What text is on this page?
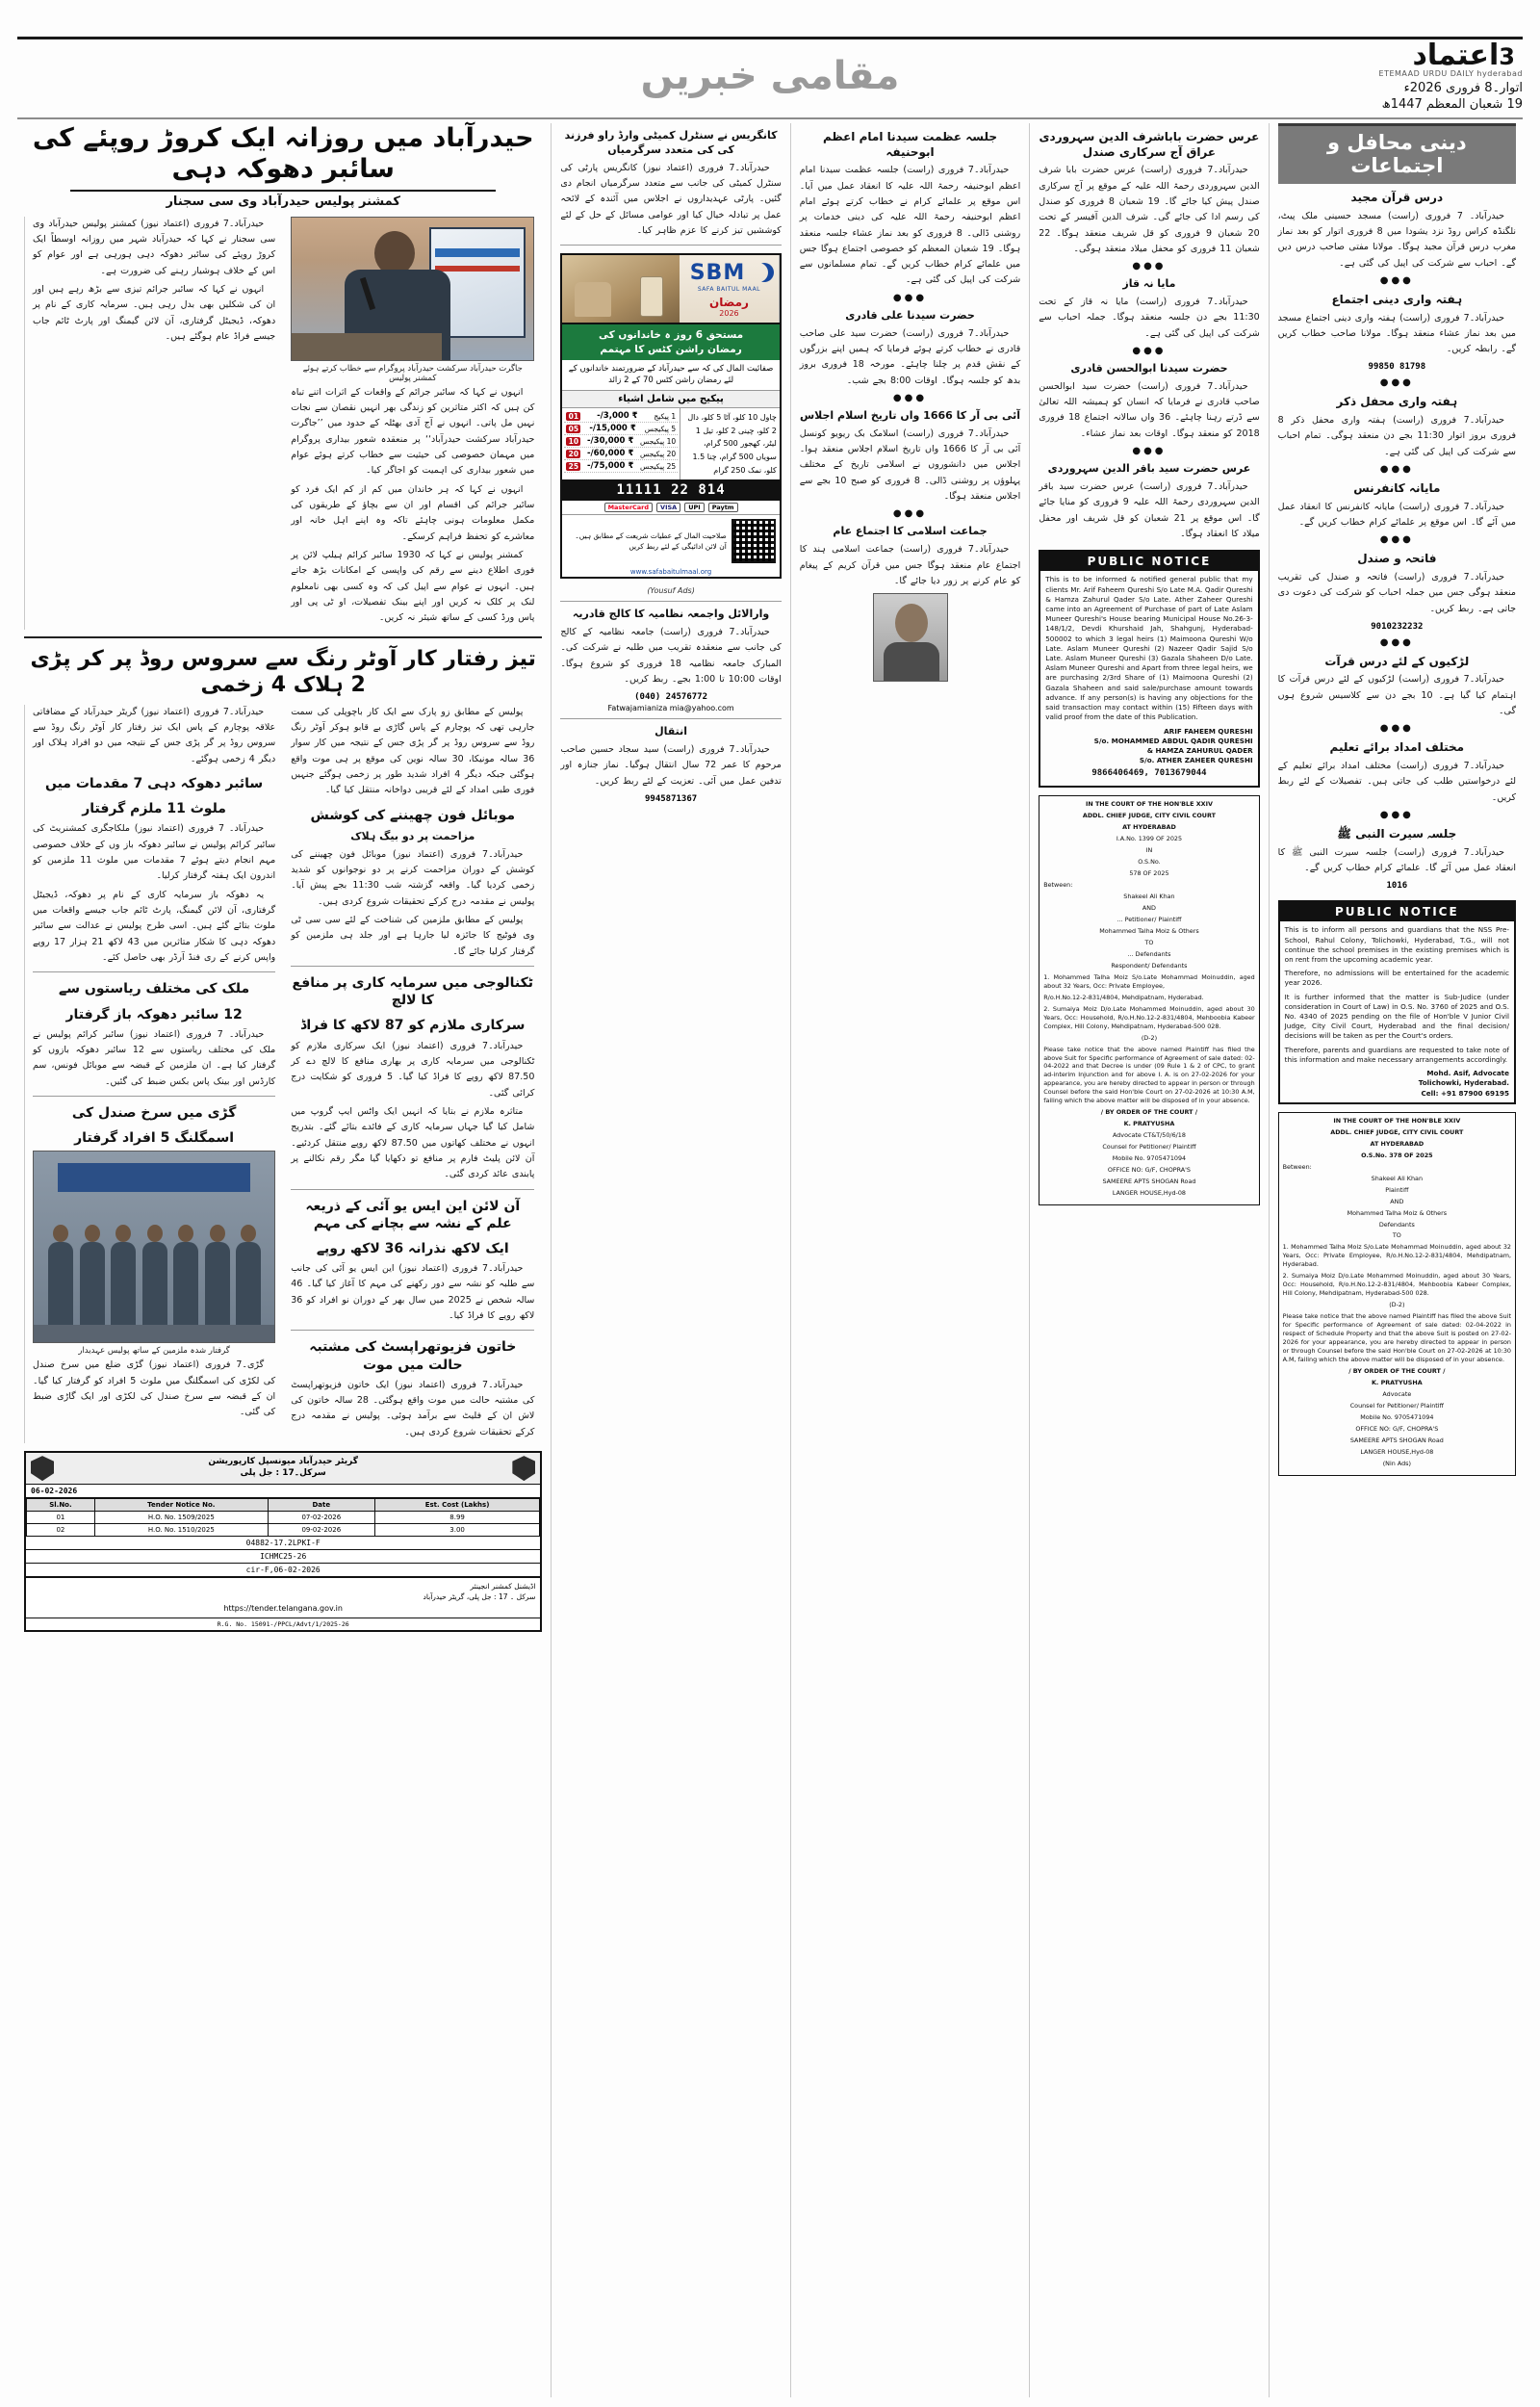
3اعتماد
ETEMAAD URDU DAILY hyderabad
اتوار۔8 فروری 2026ء
19 شعبان المعظم 1447ھ
مقامی خبریں
دینی محافل و اجتماعات
درس قرآن مجید

حیدرآباد۔ 7 فروری (راست) مسجد حسینی ملک پیٹ، نلگنڈہ کراس روڈ نزد یشودا میں 8 فروری اتوار کو بعد نماز مغرب درس قرآن مجید ہوگا۔ مولانا مفتی صاحب درس دیں گے۔ احباب سے شرکت کی اپیل کی گئی ہے۔

●●●
ہفتہ واری دینی اجتماع

حیدرآباد۔7 فروری (راست) ہفتہ واری دینی اجتماع مسجد میں بعد نماز عشاء منعقد ہوگا۔ مولانا صاحب خطاب کریں گے۔ رابطہ کریں۔

99850 81798
●●●
ہفتہ واری محفل ذکر

حیدرآباد۔7 فروری (راست) ہفتہ واری محفل ذکر 8 فروری بروز اتوار 11:30 بجے دن منعقد ہوگی۔ تمام احباب سے شرکت کی اپیل کی گئی ہے۔

●●●
مایانہ کانفرنس

حیدرآباد۔7 فروری (راست) مایانہ کانفرنس کا انعقاد عمل میں آئے گا۔ اس موقع پر علمائے کرام خطاب کریں گے۔

●●●
فاتحہ و صندل

حیدرآباد۔7 فروری (راست) فاتحہ و صندل کی تقریب منعقد ہوگی جس میں جملہ احباب کو شرکت کی دعوت دی جاتی ہے۔ ربط کریں۔

9010232232
●●●
لڑکیوں کے لئے درس قرآت

حیدرآباد۔7 فروری (راست) لڑکیوں کے لئے درس قرآت کا اہتمام کیا گیا ہے۔ 10 بجے دن سے کلاسیس شروع ہوں گی۔

●●●
مختلف امداد برائے تعلیم

حیدرآباد۔7 فروری (راست) مختلف امداد برائے تعلیم کے لئے درخواستیں طلب کی جاتی ہیں۔ تفصیلات کے لئے ربط کریں۔

●●●
جلسہ سیرت النبی ﷺ

حیدرآباد۔7 فروری (راست) جلسہ سیرت النبی ﷺ کا انعقاد عمل میں آئے گا۔ علمائے کرام خطاب کریں گے۔

1016
PUBLIC NOTICE

This is to inform all persons and guardians that the NSS Pre-School, Rahul Colony, Tolichowki, Hyderabad, T.G., will not continue the school premises in the existing premises which is on rent from the upcoming academic year.

Therefore, no admissions will be entertained for the academic year 2026.

It is further informed that the matter is Sub-Judice (under consideration in Court of Law) in O.S. No. 3760 of 2025 and O.S. No. 4340 of 2025 pending on the file of Hon'ble V Junior Civil Judge, City Civil Court, Hyderabad and the final decision/ decisions will be taken as per the Court's orders.

Therefore, parents and guardians are requested to take note of this information and make necessary arrangements accordingly.

Mohd. Asif, Advocate
Tolichowki, Hyderabad.
Cell: +91 87900 69195

IN THE COURT OF THE HON'BLE XXIV

ADDL. CHIEF JUDGE, CITY CIVIL COURT

AT HYDERABAD

O.S.No. 378 OF 2025

Between:

Shakeel Ali Khan

Plaintiff

AND

Mohammed Talha Moiz & Others

Defendants

TO

1. Mohammed Talha Moiz S/o.Late Mohammad Moinuddin, aged about 32 Years, Occ: Private Employee, R/o.H.No.12-2-831/4804, Mehdipatnam, Hyderabad.

2. Sumaiya Moiz D/o.Late Mohammed Moinuddin, aged about 30 Years, Occ: Household, R/o.H.No.12-2-831/4804, Mehboobia Kabeer Complex, Hill Colony, Mehdipatnam, Hyderabad-500 028.

(D-2)

Please take notice that the above named Plaintiff has filed the above Suit for Specific performance of Agreement of sale dated: 02-04-2022 in respect of Schedule Property and that the above Suit is posted on 27-02-2026 for your appearance, you are hereby directed to appear in person or through Counsel before the said Hon'ble Court on 27-02-2026 at 10:30 A.M, failing which the above matter will be disposed of in your absence.

/ BY ORDER OF THE COURT /

K. PRATYUSHA

Advocate

Counsel for Petitioner/ Plaintiff

Mobile No. 9705471094

OFFICE NO: G/F, CHOPRA'S

SAMEERE APTS SHOGAN Road

LANGER HOUSE,Hyd-08

(Nin Ads)

عرس حضرت باباشرف الدین سہروردی عراق آج سرکاری صندل

حیدرآباد۔7 فروری (راست) عرس حضرت بابا شرف الدین سہروردی رحمۃ اللہ علیہ کے موقع پر آج سرکاری صندل پیش کیا جائے گا۔ 19 شعبان 8 فروری کو صندل کی رسم ادا کی جائے گی۔ شرف الدین آفیسر کے تحت 20 شعبان 9 فروری کو قل شریف منعقد ہوگا۔ 22 شعبان 11 فروری کو محفل میلاد منعقد ہوگی۔

●●●
مایا نہ قاز

حیدرآباد۔7 فروری (راست) مایا نہ قاز کے تحت 11:30 بجے دن جلسہ منعقد ہوگا۔ جملہ احباب سے شرکت کی اپیل کی گئی ہے۔

●●●
حضرت سیدنا ابوالحسن قادری

حیدرآباد۔7 فروری (راست) حضرت سید ابوالحسن صاحب قادری نے فرمایا کہ انسان کو ہمیشہ اللہ تعالیٰ سے ڈرتے رہنا چاہئے۔ 36 واں سالانہ اجتماع 18 فروری 2018 کو منعقد ہوگا۔ اوقات بعد نماز عشاء۔

●●●
عرس حضرت سید باقر الدین سہروردی

حیدرآباد۔7 فروری (راست) عرس حضرت سید باقر الدین سہروردی رحمۃ اللہ علیہ 9 فروری کو منایا جائے گا۔ اس موقع پر 21 شعبان کو قل شریف اور محفل میلاد کا انعقاد ہوگا۔

PUBLIC NOTICE

This is to be informed & notified general public that my clients Mr. Arif Faheem Qureshi S/o Late M.A. Qadir Qureshi & Hamza Zahurul Qader S/o Late. Ather Zaheer Qureshi came into an Agreement of Purchase of part of Late Aslam Muneer Qureshi's House bearing Municipal House No.26-3-148/1/2, Devdi Khurshaid Jah, Shahgunj, Hyderabad-500002 to which 3 legal heirs (1) Maimoona Qureshi W/o Late. Aslam Muneer Qureshi (2) Nazeer Qadir Sajid S/o Late. Aslam Muneer Qureshi (3) Gazala Shaheen D/o Late. Aslam Muneer Qureshi and Apart from three legal heirs, we are purchasing 2/3rd Share of (1) Maimoona Qureshi (2) Gazala Shaheen and said sale/purchase amount towards advance. If any person(s) is having any objections for the said transaction may contact within (15) Fifteen days with valid proof from the date of this Publication.

ARIF FAHEEM QURESHI
S/o. MOHAMMED ABDUL QADIR QURESHI
& HAMZA ZAHURUL QADER
S/o. ATHER ZAHEER QURESHI
9866406469, 7013679044

IN THE COURT OF THE HON'BLE XXIV

ADDL. CHIEF JUDGE, CITY CIVIL COURT

AT HYDERABAD

I.A.No. 1399 OF 2025

IN

O.S.No.

578 OF 2025

Between:

Shakeel Ali Khan

AND

... Petitioner/ Plaintiff

Mohammed Talha Moiz & Others

TO

... Defendants

Respondent/ Defendants

1. Mohammed Talha Moiz S/o.Late Mohammad Moinuddin, aged about 32 Years, Occ: Private Employee,

R/o.H.No.12-2-831/4804, Mehdipatnam, Hyderabad.

2. Sumaiya Moiz D/o.Late Mohammed Moinuddin, aged about 30 Years, Occ: Household, R/o.H.No.12-2-831/4804, Mehboobia Kabeer Complex, Hill Colony, Mehdipatnam, Hyderabad-500 028.

(D-2)

Please take notice that the above named Plaintiff has filed the above Suit for Specific performance of Agreement of sale dated: 02-04-2022 and that Decree is under (09 Rule 1 & 2 of CPC, to grant ad-interim Injunction and for above I. A. is on 27-02-2026 for your appearance, you are hereby directed to appear in person or through Counsel before the said Hon'ble Court on 27-02-2026 at 10:30 A.M, failing which the above matter will be disposed of in your absence.

/ BY ORDER OF THE COURT /

K. PRATYUSHA

Advocate CT&T/50/6/18

Counsel for Petitioner/ Plaintiff

Mobile No. 9705471094

OFFICE NO: G/F, CHOPRA'S

SAMEERE APTS SHOGAN Road

LANGER HOUSE,Hyd-08

جلسہ عظمت سیدنا امام اعظم ابوحنیفہ

حیدرآباد۔7 فروری (راست) جلسہ عظمت سیدنا امام اعظم ابوحنیفہ رحمۃ اللہ علیہ کا انعقاد عمل میں آیا۔ اس موقع پر علمائے کرام نے خطاب کرتے ہوئے امام اعظم ابوحنیفہ رحمۃ اللہ علیہ کی دینی خدمات پر روشنی ڈالی۔ 8 فروری کو بعد نماز عشاء جلسہ منعقد ہوگا۔ 19 شعبان المعظم کو خصوصی اجتماع ہوگا جس میں علمائے کرام خطاب کریں گے۔ تمام مسلمانوں سے شرکت کی اپیل کی گئی ہے۔

●●●
حضرت سیدنا علی قادری

حیدرآباد۔7 فروری (راست) حضرت سید علی صاحب قادری نے خطاب کرتے ہوئے فرمایا کہ ہمیں اپنے بزرگوں کے نقش قدم پر چلنا چاہئے۔ مورخہ 18 فروری بروز بدھ کو جلسہ ہوگا۔ اوقات 8:00 بجے شب۔

●●●
آئی بی آر کا 1666 واں تاریخ اسلام اجلاس

حیدرآباد۔7 فروری (راست) اسلامک بک ریویو کونسل آئی بی آر کا 1666 واں تاریخ اسلام اجلاس منعقد ہوا۔ اجلاس میں دانشوروں نے اسلامی تاریخ کے مختلف پہلوؤں پر روشنی ڈالی۔ 8 فروری کو صبح 10 بجے سے اجلاس منعقد ہوگا۔

●●●
جماعت اسلامی کا اجتماع عام

حیدرآباد۔7 فروری (راست) جماعت اسلامی ہند کا اجتماع عام منعقد ہوگا جس میں قرآن کریم کے پیغام کو عام کرنے پر زور دیا جائے گا۔

کانگریس نے سنٹرل کمیٹی وارڈ راو فرزند کی کی متعدد سرگرمیاں

حیدرآباد۔7 فروری (اعتماد نیوز) کانگریس پارٹی کی سنٹرل کمیٹی کی جانب سے متعدد سرگرمیاں انجام دی گئیں۔ پارٹی عہدیداروں نے اجلاس میں آئندہ کے لائحہ عمل پر تبادلہ خیال کیا اور عوامی مسائل کے حل کے لئے کوششیں تیز کرنے کا عزم ظاہر کیا۔

SBM
SAFA BAITUL MAAL
رمضان
2026
مستحق 6 روز ہ خاندانوں کی
رمضان راشن کٹس کا مہتمم
صفائیت المال کی کہ سے حیدرآباد کے ضرورتمند خاندانوں کے لئے رمضان راشن کٹس 70 کے 2 زائد
پیکیج میں شامل اشیاء
چاول 10 کلو، آٹا 5 کلو، دال 2 کلو، چینی 2 کلو، تیل 1 لیٹر، کھجور 500 گرام، سویاں 500 گرام، چنا 1.5 کلو، نمک 250 گرام
01 ₹ 3,000/- 1 پیکیج
05 ₹ 15,000/- 5 پیکیجس
10 ₹ 30,000/- 10 پیکیجس
20 ₹ 60,000/- 20 پیکیجس
25 ₹ 75,000/- 25 پیکیجس
814 22 11111
Paytm
UPI
VISA
MasterCard
صلاحیت المال کے عطیات شریعت کے مطابق ہیں۔ آن لائن ادائیگی کے لئے ربط کریں
www.safabaitulmaal.org
(Yousuf Ads)
وارالائل واجمعہ نظامیہ کا کالج قادریہ

حیدرآباد۔7 فروری (راست) جامعہ نظامیہ کے کالج کی جانب سے منعقدہ تقریب میں طلبہ نے شرکت کی۔ المبارک جامعہ نظامیہ 18 فروری کو شروع ہوگا۔ اوقات 10:00 تا 1:00 بجے۔ ربط کریں۔

(040) 24576772
Fatwajamianiza mia@yahoo.com
انتقال

حیدرآباد۔7 فروری (راست) سید سجاد حسین صاحب مرحوم کا عمر 72 سال انتقال ہوگیا۔ نماز جنازہ اور تدفین عمل میں آئی۔ تعزیت کے لئے ربط کریں۔

9945871367
حیدرآباد میں روزانہ ایک کروڑ روپئے کی سائبر دھوکہ دہی
کمشنر پولیس حیدرآباد وی سی سجنار
جاگرت حیدرآباد سرکشت حیدرآباد پروگرام سے خطاب کرتے ہوئے کمشنر پولیس

انہوں نے کہا کہ سائبر جرائم کے واقعات کے اثرات اتنے تباہ کن ہیں کہ اکثر متاثرین کو زندگی بھر انہیں نقصان سے نجات نہیں مل پاتی۔ انہوں نے آج آدی بھٹلہ کے حدود میں ’’جاگرت حیدرآباد سرکشت حیدرآباد‘‘ پر منعقدہ شعور بیداری پروگرام میں مہمان خصوصی کی حیثیت سے خطاب کرتے ہوئے عوام میں شعور بیداری کی اہمیت کو اجاگر کیا۔

انہوں نے کہا کہ ہر خاندان میں کم از کم ایک فرد کو سائبر جرائم کی اقسام اور ان سے بچاؤ کے طریقوں کی مکمل معلومات ہونی چاہئے تاکہ وہ اپنے اہل خانہ اور معاشرے کو تحفظ فراہم کرسکے۔

کمشنر پولیس نے کہا کہ 1930 سائبر کرائم ہیلپ لائن پر فوری اطلاع دینے سے رقم کی واپسی کے امکانات بڑھ جاتے ہیں۔ انہوں نے عوام سے اپیل کی کہ وہ کسی بھی نامعلوم لنک پر کلک نہ کریں اور اپنے بینک تفصیلات، او ٹی پی اور پاس ورڈ کسی کے ساتھ شیئر نہ کریں۔

حیدرآباد۔7 فروری (اعتماد نیوز) کمشنر پولیس حیدرآباد وی سی سجنار نے کہا کہ حیدرآباد شہر میں روزانہ اوسطاً ایک کروڑ روپئے کی سائبر دھوکہ دہی ہورہی ہے اور عوام کو اس کے خلاف ہوشیار رہنے کی ضرورت ہے۔

انہوں نے کہا کہ سائبر جرائم تیزی سے بڑھ رہے ہیں اور ان کی شکلیں بھی بدل رہی ہیں۔ سرمایہ کاری کے نام پر دھوکہ، ڈیجیٹل گرفتاری، آن لائن گیمنگ اور پارٹ ٹائم جاب جیسے فراڈ عام ہوگئے ہیں۔

تیز رفتار کار آوٹر رنگ سے سروس روڈ پر کر پڑی 2 ہلاک 4 زخمی

پولیس کے مطابق زو پارک سے ایک کار باچوپلی کی سمت جارہی تھی کہ پوچارم کے پاس گاڑی بے قابو ہوکر آوٹر رنگ روڈ سے سروس روڈ پر گر پڑی جس کے نتیجہ میں کار سوار 36 سالہ مونیکا، 30 سالہ نوین کی موقع پر ہی موت واقع ہوگئی جبکہ دیگر 4 افراد شدید طور پر زخمی ہوگئے جنہیں فوری طبی امداد کے لئے قریبی دواخانہ منتقل کیا گیا۔

موبائل فون چھیننے کی کوشش
مزاحمت پر دو بیگ ہلاک

حیدرآباد۔7 فروری (اعتماد نیوز) موبائل فون چھیننے کی کوشش کے دوران مزاحمت کرنے پر دو نوجوانوں کو شدید زخمی کردیا گیا۔ واقعہ گزشتہ شب 11:30 بجے پیش آیا۔ پولیس نے مقدمہ درج کرکے تحقیقات شروع کردی ہیں۔

پولیس کے مطابق ملزمین کی شناخت کے لئے سی سی ٹی وی فوٹیج کا جائزہ لیا جارہا ہے اور جلد ہی ملزمین کو گرفتار کرلیا جائے گا۔

ٹکنالوجی میں سرمایہ کاری پر منافع کا لالچ
سرکاری ملازم کو 87 لاکھ کا فراڈ

حیدرآباد۔7 فروری (اعتماد نیوز) ایک سرکاری ملازم کو ٹکنالوجی میں سرمایہ کاری پر بھاری منافع کا لالچ دے کر 87.50 لاکھ روپے کا فراڈ کیا گیا۔ 5 فروری کو شکایت درج کرائی گئی۔

متاثرہ ملازم نے بتایا کہ انہیں ایک واٹس ایپ گروپ میں شامل کیا گیا جہاں سرمایہ کاری کے فائدے بتائے گئے۔ بتدریج انہوں نے مختلف کھاتوں میں 87.50 لاکھ روپے منتقل کردئیے۔ آن لائن پلیٹ فارم پر منافع تو دکھایا گیا مگر رقم نکالنے پر پابندی عائد کردی گئی۔

آن لائن این ایس یو آئی کے ذریعہ علم کے نشہ سے بچانے کی مہم
ایک لاکھ نذرانہ 36 لاکھ روپے

حیدرآباد۔7 فروری (اعتماد نیوز) این ایس یو آئی کی جانب سے طلبہ کو نشہ سے دور رکھنے کی مہم کا آغاز کیا گیا۔ 46 سالہ شخص نے 2025 میں سال بھر کے دوران نو افراد کو 36 لاکھ روپے کا فراڈ کیا۔

خاتون فزیوتھراپسٹ کی مشتبہ حالت میں موت

حیدرآباد۔7 فروری (اعتماد نیوز) ایک خاتون فزیوتھراپسٹ کی مشتبہ حالت میں موت واقع ہوگئی۔ 28 سالہ خاتون کی لاش ان کے فلیٹ سے برآمد ہوئی۔ پولیس نے مقدمہ درج کرکے تحقیقات شروع کردی ہیں۔

حیدرآباد۔7 فروری (اعتماد نیوز) گریٹر حیدرآباد کے مضافاتی علاقہ پوچارم کے پاس ایک تیز رفتار کار آوٹر رنگ روڈ سے سروس روڈ پر گر پڑی جس کے نتیجہ میں دو افراد ہلاک اور دیگر 4 زخمی ہوگئے۔

سائبر دھوکہ دہی 7 مقدمات میں
ملوث 11 ملزم گرفتار

حیدرآباد۔ 7 فروری (اعتماد نیوز) ملکاجگری کمشنریٹ کی سائبر کرائم پولیس نے سائبر دھوکہ باز وں کے خلاف خصوصی مہم انجام دیتے ہوئے 7 مقدمات میں ملوث 11 ملزمین کو اندرون ایک ہفتہ گرفتار کرلیا۔

یہ دھوکہ باز سرمایہ کاری کے نام پر دھوکہ، ڈیجیٹل گرفتاری، آن لائن گیمنگ، پارٹ ٹائم جاب جیسے واقعات میں ملوث بتائے گئے ہیں۔ اسی طرح پولیس نے عدالت سے سائبر دھوکہ دہی کا شکار متاثرین میں 43 لاکھ 21 ہزار 17 روپے واپس کرنے کے ری فنڈ آرڈر بھی حاصل کئے۔

ملک کی مختلف ریاستوں سے
12 سائبر دھوکہ باز گرفتار

حیدرآباد۔ 7 فروری (اعتماد نیوز) سائبر کرائم پولیس نے ملک کی مختلف ریاستوں سے 12 سائبر دھوکہ بازوں کو گرفتار کیا ہے۔ ان ملزمین کے قبضہ سے موبائل فونس، سم کارڈس اور بینک پاس بکس ضبط کی گئیں۔

گڑی میں سرخ صندل کی
اسمگلنگ 5 افراد گرفتار
گرفتار شدہ ملزمین کے ساتھ پولیس عہدیدار

گڑی۔7 فروری (اعتماد نیوز) گڑی ضلع میں سرخ صندل کی لکڑی کی اسمگلنگ میں ملوث 5 افراد کو گرفتار کیا گیا۔ ان کے قبضہ سے سرخ صندل کی لکڑی اور ایک گاڑی ضبط کی گئی۔

گریٹر حیدرآباد میونسپل کارپوریشن
سرکل۔17 : جل پلی
06-02-2026
Sl.No.	Tender Notice No.	Date	Est. Cost (Lakhs)
01	H.O. No. 1509/2025	07-02-2026	8.99
02	H.O. No. 1510/2025	09-02-2026	3.00
04882-17.2LPKI-F
ICHMC25-26
06-02-2026,cir-F
اڈیشنل کمشنر انجینئر
سرکل ۔ 17 : جل پلی، گریٹر حیدرآباد
https://tender.telangana.gov.in
R.G. No. 15091-/PPCL/Advt/1/2025-26
